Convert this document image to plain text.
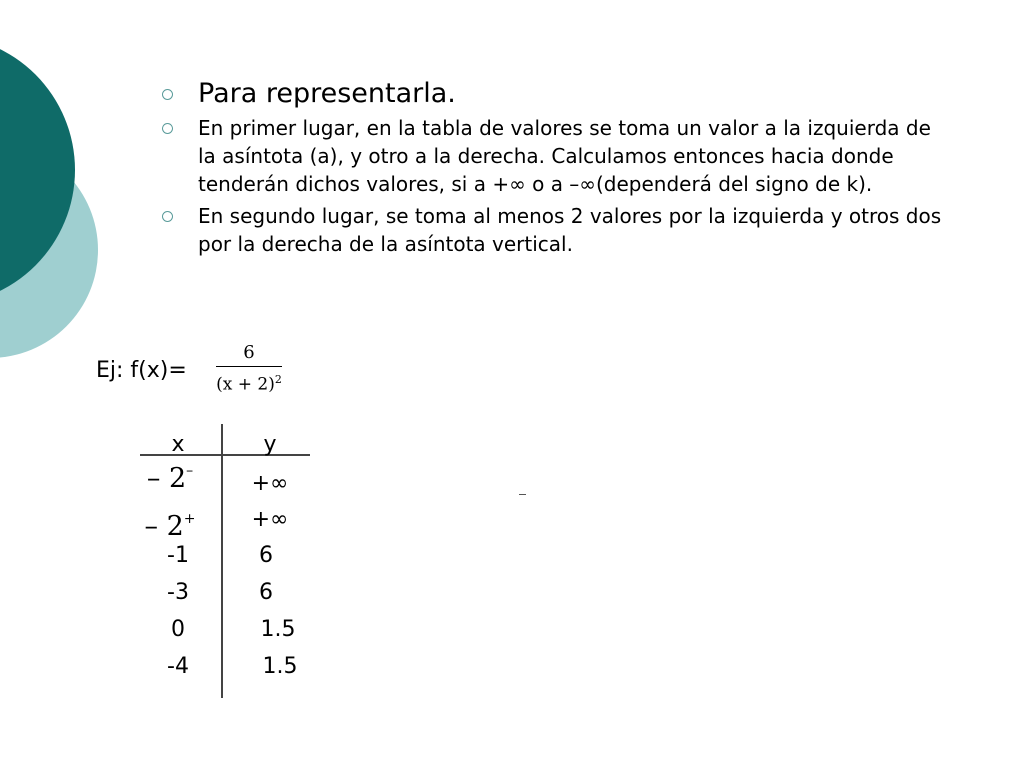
Para representarla.
En primer lugar, en la tabla de valores se toma un valor a la izquierda de la asíntota (a), y otro a la derecha. Calculamos entonces hacia donde tenderán dichos valores, si a +∞ o a –∞(dependerá del signo de k).
En segundo lugar, se toma al menos 2 valores por la izquierda y otros dos por la derecha de la asíntota vertical.
Ej: f(x)=
6
$(x + 2)^2$
x	y
– 2–	+∞
– 2+	+∞
-1	6
-3	6
0	1.5
-4	1.5
